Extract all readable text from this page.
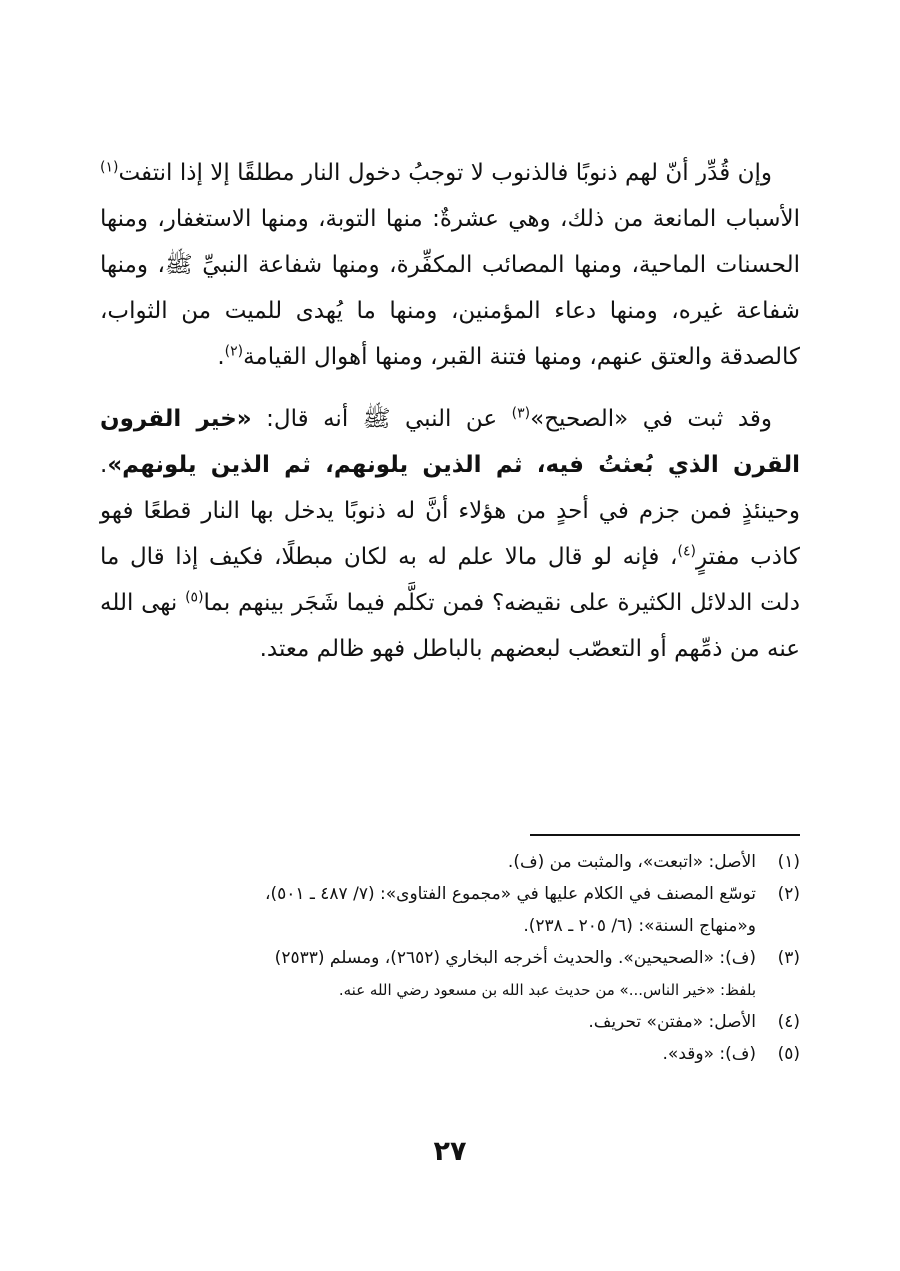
وإن قُدِّر أنّ لهم ذنوبًا فالذنوب لا توجبُ دخول النار مطلقًا إلا إذا انتفت$^{(١)}$ الأسباب المانعة من ذلك، وهي عشرةٌ: منها التوبة، ومنها الاستغفار، ومنها الحسنات الماحية، ومنها المصائب المكفِّرة، ومنها شفاعة النبيِّ ﷺ، ومنها شفاعة غيره، ومنها دعاء المؤمنين، ومنها ما يُهدى للميت من الثواب، كالصدقة والعتق عنهم، ومنها فتنة القبر، ومنها أهوال القيامة$^{(٢)}$.

وقد ثبت في «الصحيح»$^{(٣)}$ عن النبي ﷺ أنه قال: «خير القرون القرن الذي بُعثتُ فيه، ثم الذين يلونهم، ثم الذين يلونهم». وحينئذٍ فمن جزم في أحدٍ من هؤلاء أنَّ له ذنوبًا يدخل بها النار قطعًا فهو كاذب مفترٍ$^{(٤)}$، فإنه لو قال مالا علم له به لكان مبطلًا، فكيف إذا قال ما دلت الدلائل الكثيرة على نقيضه؟ فمن تكلَّم فيما شَجَر بينهم بما$^{(٥)}$ نهى الله عنه من ذمِّهم أو التعصّب لبعضهم بالباطل فهو ظالم معتد.

(١)
الأصل: «اتبعت»، والمثبت من (ف).
(٢)
توسّع المصنف في الكلام عليها في «مجموع الفتاوى»: (٧/ ٤٨٧ ـ ٥٠١)،
و«منهاج السنة»: (٦/ ٢٠٥ ـ ٢٣٨).
(٣)
(ف): «الصحيحين». والحديث أخرجه البخاري (٢٦٥٢)، ومسلم (٢٥٣٣)
بلفظ: «خير الناس...» من حديث عبد الله بن مسعود رضي الله عنه.
(٤)
الأصل: «مفتن» تحريف.
(٥)
(ف): «وقد».
٢٧
